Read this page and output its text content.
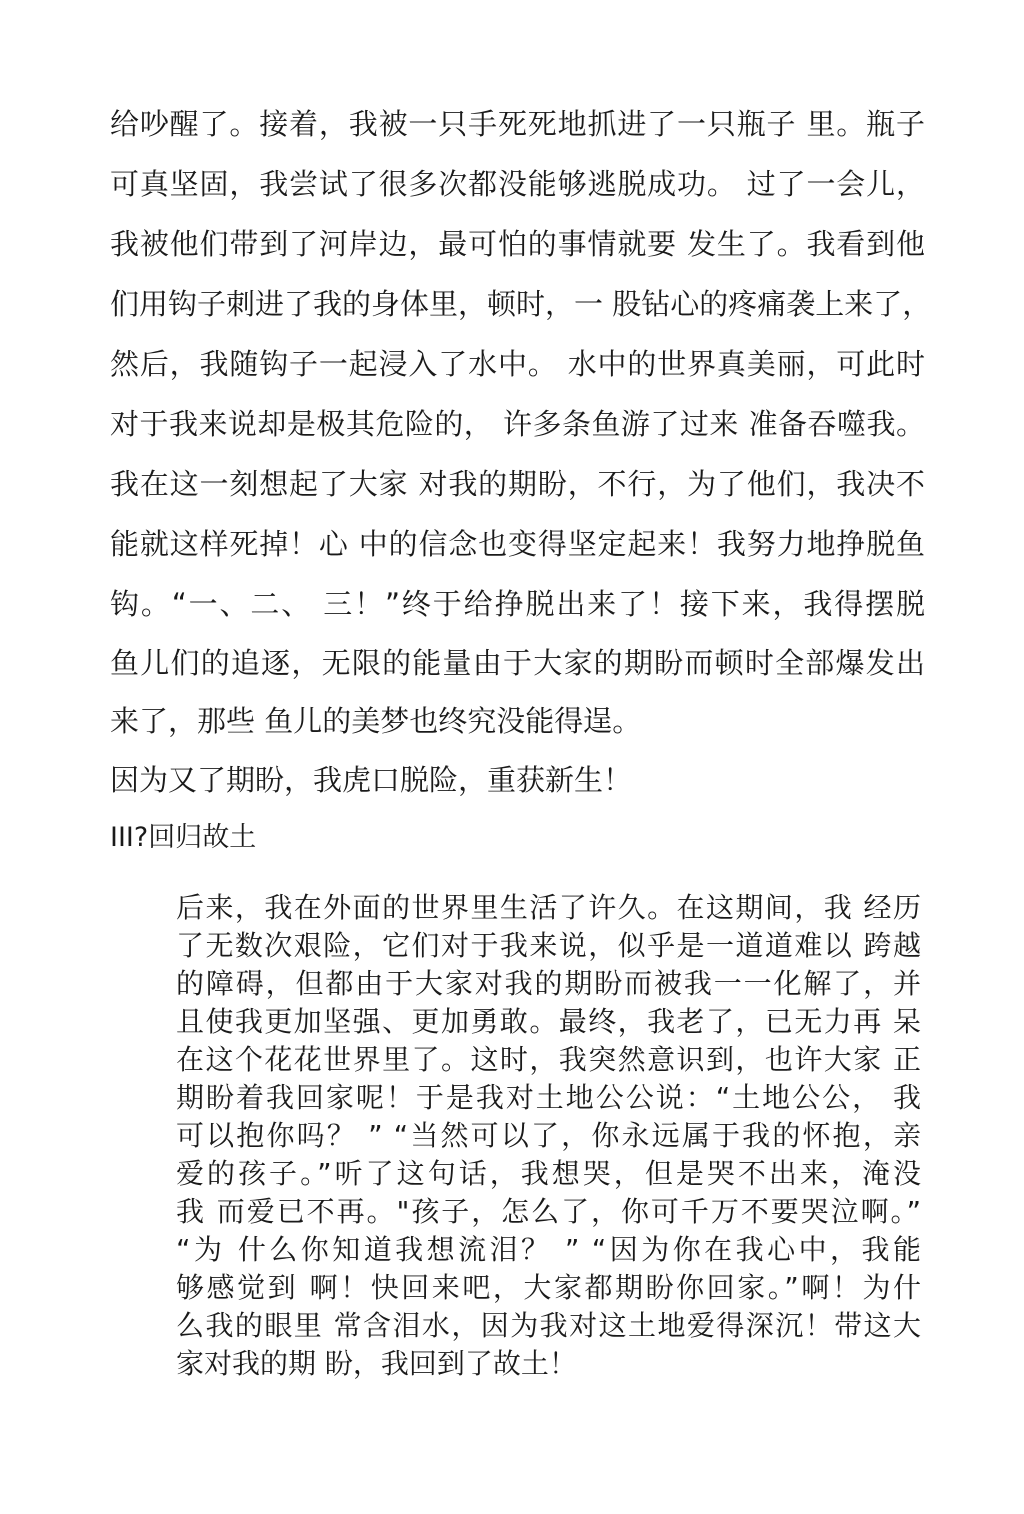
给吵醒了。接着，我被一只手死死地抓进了一只瓶子 里。瓶子
可真坚固，我尝试了很多次都没能够逃脱成功。 过了一会儿，
我被他们带到了河岸边，最可怕的事情就要 发生了。我看到他
们用钩子刺进了我的身体里，顿时，一 股钻心的疼痛袭上来了，
然后，我随钩子一起浸入了水中。 水中的世界真美丽，可此时
对于我来说却是极其危险的， 许多条鱼游了过来 准备吞噬我。
我在这一刻想起了大家 对我的期盼，不行，为了他们，我决不
能就这样死掉！心 中的信念也变得坚定起来！我努力地挣脱鱼
钩。“一、二、 三！”终于给挣脱出来了！接下来，我得摆脱
鱼儿们的追逐，无限的能量由于大家的期盼而顿时全部爆发出
来了，那些 鱼儿的美梦也终究没能得逞。
因为又了期盼，我虎口脱险，重获新生！
III?回归故土
后来，我在外面的世界里生活了许久。在这期间，我 经历
了无数次艰险，它们对于我来说，似乎是一道道难以 跨越
的障碍，但都由于大家对我的期盼而被我一一化解了，并
且使我更加坚强、更加勇敢。最终，我老了，已无力再 呆
在这个花花世界里了。这时，我突然意识到，也许大家 正
期盼着我回家呢！于是我对土地公公说：“土地公公， 我
可以抱你吗？ ” “当然可以了，你永远属于我的怀抱，亲
爱的孩子。”听了这句话，我想哭，但是哭不出来，淹没
我 而爱已不再。"孩子，怎么了，你可千万不要哭泣啊。”
“为 什么你知道我想流泪？ ” “因为你在我心中，我能
够感觉到 啊！快回来吧，大家都期盼你回家。”啊！为什
么我的眼里 常含泪水，因为我对这土地爱得深沉！带这大
家对我的期 盼，我回到了故土！
